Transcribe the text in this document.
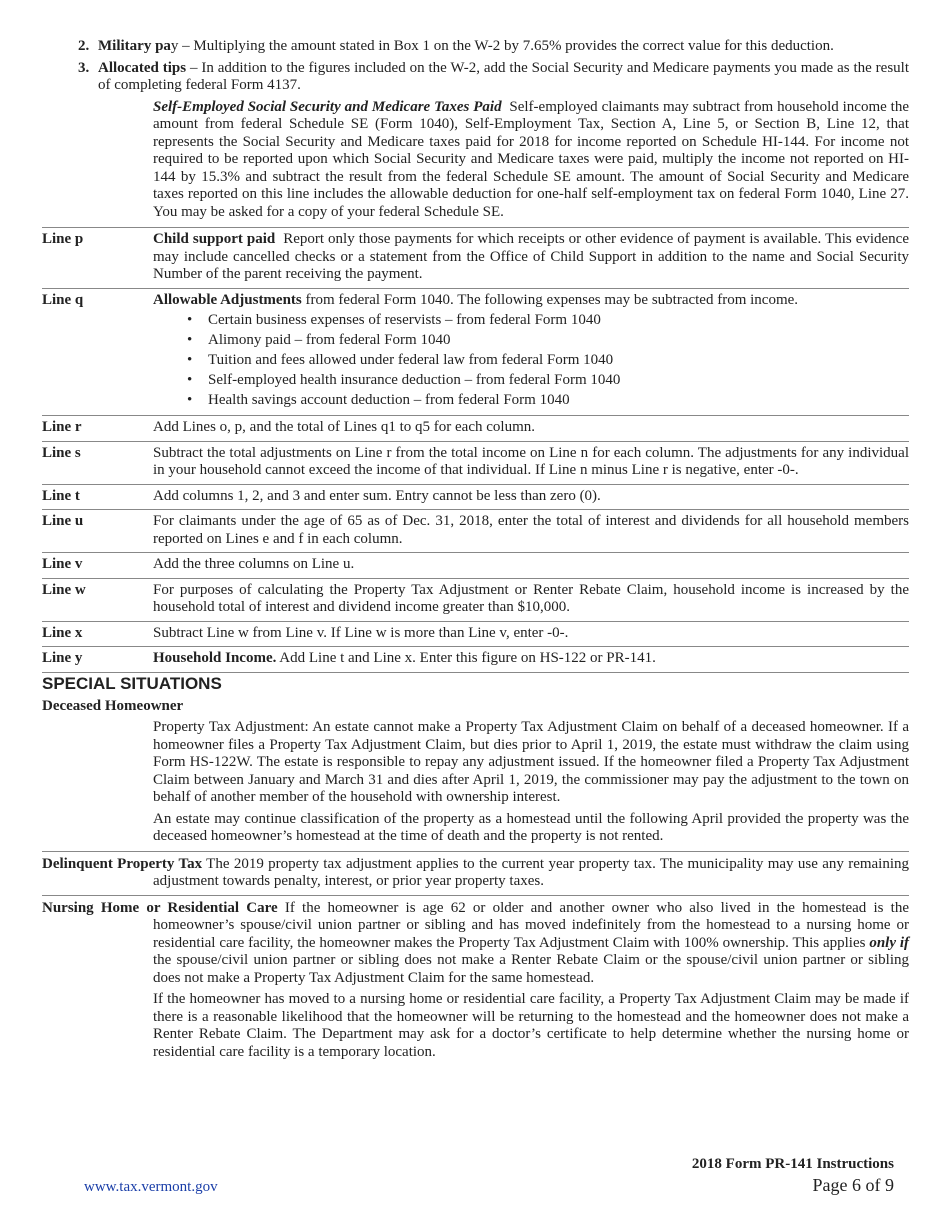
2. Military pay – Multiplying the amount stated in Box 1 on the W-2 by 7.65% provides the correct value for this deduction.
3. Allocated tips – In addition to the figures included on the W-2, add the Social Security and Medicare payments you made as the result of completing federal Form 4137.
Self-Employed Social Security and Medicare Taxes Paid Self-employed claimants may subtract from household income the amount from federal Schedule SE (Form 1040), Self-Employment Tax, Section A, Line 5, or Section B, Line 12, that represents the Social Security and Medicare taxes paid for 2018 for income reported on Schedule HI-144. For income not required to be reported upon which Social Security and Medicare taxes were paid, multiply the income not reported on HI-144 by 15.3% and subtract the result from the federal Schedule SE amount. The amount of Social Security and Medicare taxes reported on this line includes the allowable deduction for one-half self-employment tax on federal Form 1040, Line 27. You may be asked for a copy of your federal Schedule SE.
Line p	Child support paid Report only those payments for which receipts or other evidence of payment is available. This evidence may include cancelled checks or a statement from the Office of Child Support in addition to the name and Social Security Number of the parent receiving the payment.
Line q	Allowable Adjustments from federal Form 1040. The following expenses may be subtracted from income.
• Certain business expenses of reservists – from federal Form 1040
• Alimony paid – from federal Form 1040
• Tuition and fees allowed under federal law from federal Form 1040
• Self-employed health insurance deduction – from federal Form 1040
• Health savings account deduction – from federal Form 1040
Line r	Add Lines o, p, and the total of Lines q1 to q5 for each column.
Line s	Subtract the total adjustments on Line r from the total income on Line n for each column. The adjustments for any individual in your household cannot exceed the income of that individual. If Line n minus Line r is negative, enter -0-.
Line t	Add columns 1, 2, and 3 and enter sum. Entry cannot be less than zero (0).
Line u	For claimants under the age of 65 as of Dec. 31, 2018, enter the total of interest and dividends for all household members reported on Lines e and f in each column.
Line v	Add the three columns on Line u.
Line w	For purposes of calculating the Property Tax Adjustment or Renter Rebate Claim, household income is increased by the household total of interest and dividend income greater than $10,000.
Line x	Subtract Line w from Line v. If Line w is more than Line v, enter -0-.
Line y	Household Income. Add Line t and Line x. Enter this figure on HS-122 or PR-141.
SPECIAL SITUATIONS
Deceased Homeowner
Property Tax Adjustment: An estate cannot make a Property Tax Adjustment Claim on behalf of a deceased homeowner. If a homeowner files a Property Tax Adjustment Claim, but dies prior to April 1, 2019, the estate must withdraw the claim using Form HS-122W. The estate is responsible to repay any adjustment issued. If the homeowner filed a Property Tax Adjustment Claim between January and March 31 and dies after April 1, 2019, the commissioner may pay the adjustment to the town on behalf of another member of the household with ownership interest.
An estate may continue classification of the property as a homestead until the following April provided the property was the deceased homeowner’s homestead at the time of death and the property is not rented.
Delinquent Property Tax The 2019 property tax adjustment applies to the current year property tax. The municipality may use any remaining adjustment towards penalty, interest, or prior year property taxes.
Nursing Home or Residential Care If the homeowner is age 62 or older and another owner who also lived in the homestead is the homeowner’s spouse/civil union partner or sibling and has moved indefinitely from the homestead to a nursing home or residential care facility, the homeowner makes the Property Tax Adjustment Claim with 100% ownership. This applies only if the spouse/civil union partner or sibling does not make a Renter Rebate Claim or the spouse/civil union partner or sibling does not make a Property Tax Adjustment Claim for the same homestead.
If the homeowner has moved to a nursing home or residential care facility, a Property Tax Adjustment Claim may be made if there is a reasonable likelihood that the homeowner will be returning to the homestead and the homeowner does not make a Renter Rebate Claim. The Department may ask for a doctor’s certificate to help determine whether the nursing home or residential care facility is a temporary location.
2018 Form PR-141 Instructions
Page 6 of 9
www.tax.vermont.gov
